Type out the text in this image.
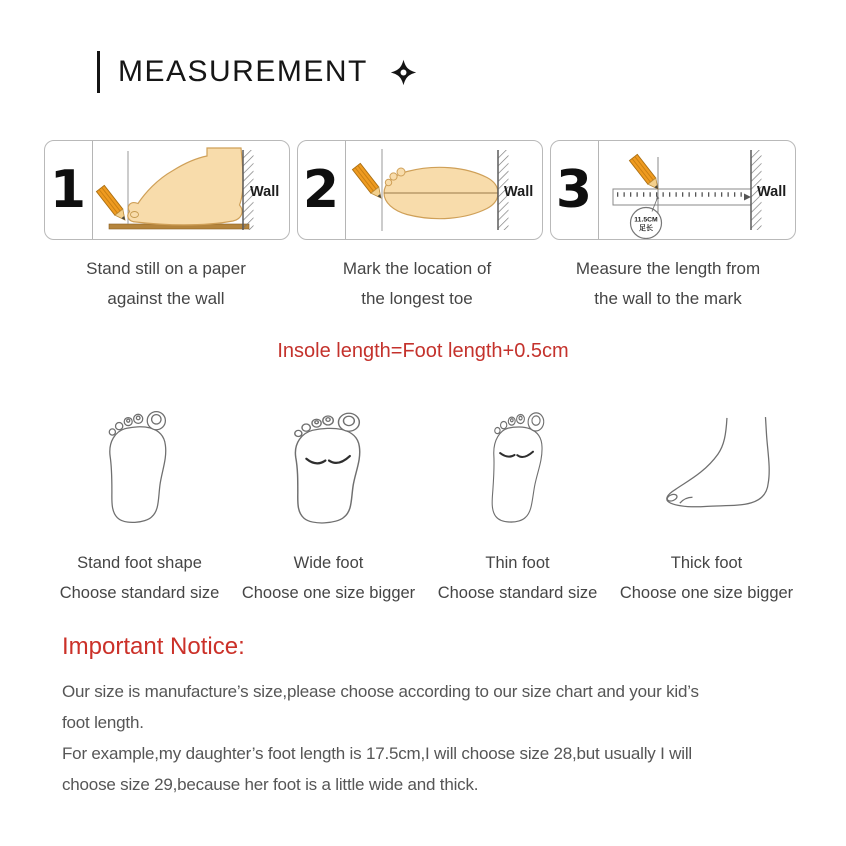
MEASUREMENT
1	Wall 2	Wall 3	11.5CM
足长
Wall
Stand still on a paper
against the wall
Mark the location of
the longest toe
Measure the length from
the wall to the mark
Insole length=Foot length+0.5cm
Stand foot shape
Choose standard size
Wide foot
Choose one size bigger
Thin foot
Choose standard size
Thick foot
Choose one size bigger
Important Notice:
Our size is manufacture’s size,please choose according to our size chart and your kid’s
foot length.
For example,my daughter’s foot length is 17.5cm,I will choose size 28,but usually I will
choose size 29,because her foot is a little wide and thick.
